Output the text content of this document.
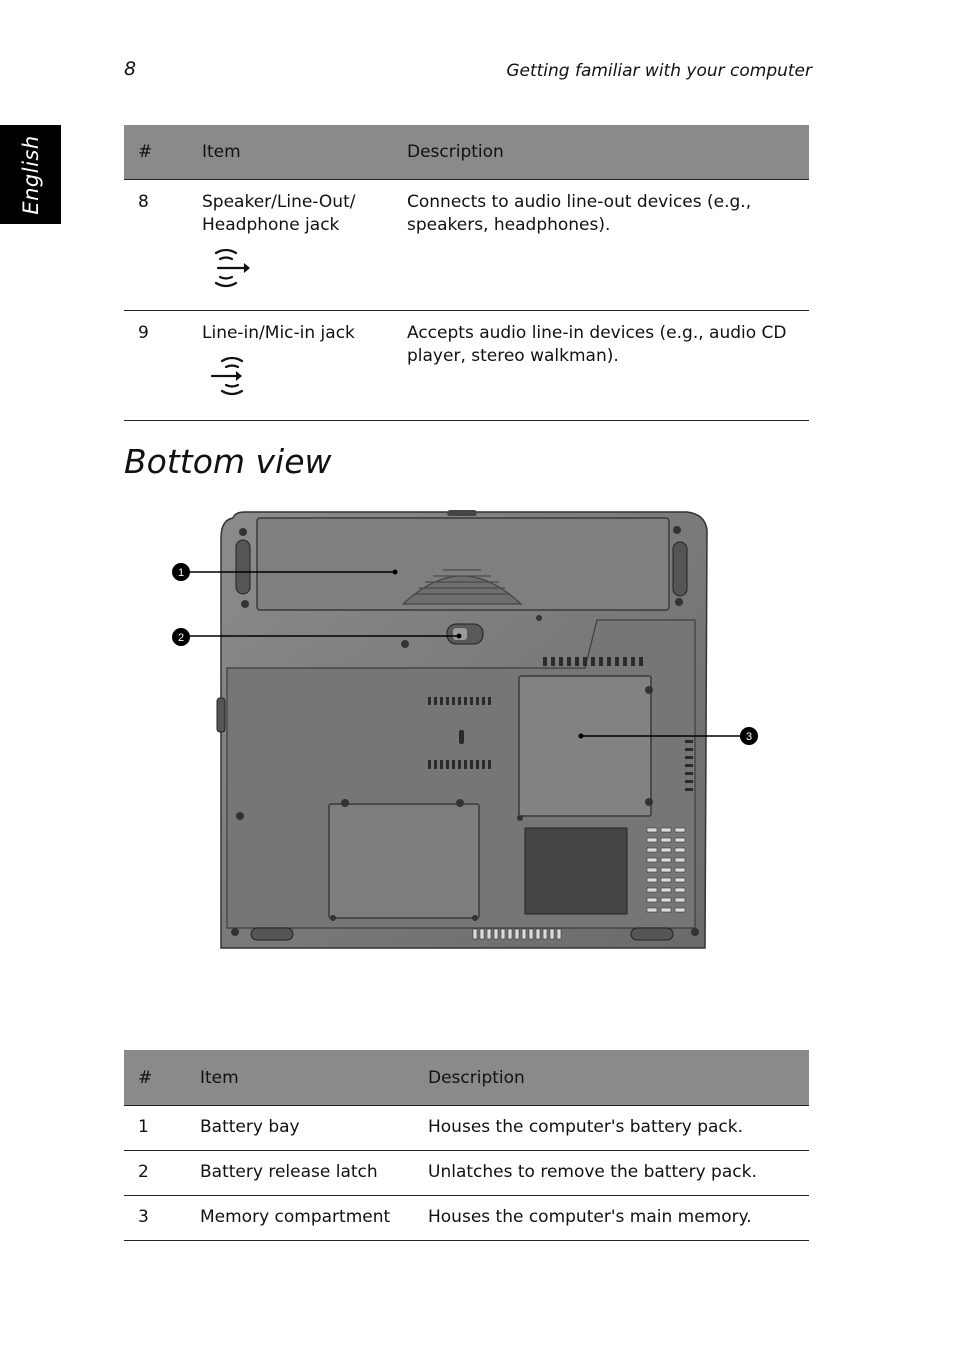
8	Getting familiar with your computer
English	#	Item	Description
8	Speaker/Line-Out/
Headphone jack	Connects to audio line-out devices (e.g., speakers, headphones).
9	Line-in/Mic-in jack	Accepts audio line-in devices (e.g., audio CD player, stereo walkman).
Bottom view
1
2
3
#	Item	Description
1	Battery bay	Houses the computer's battery pack.
2	Battery release latch	Unlatches to remove the battery pack.
3	Memory compartment	Houses the computer's main memory.
